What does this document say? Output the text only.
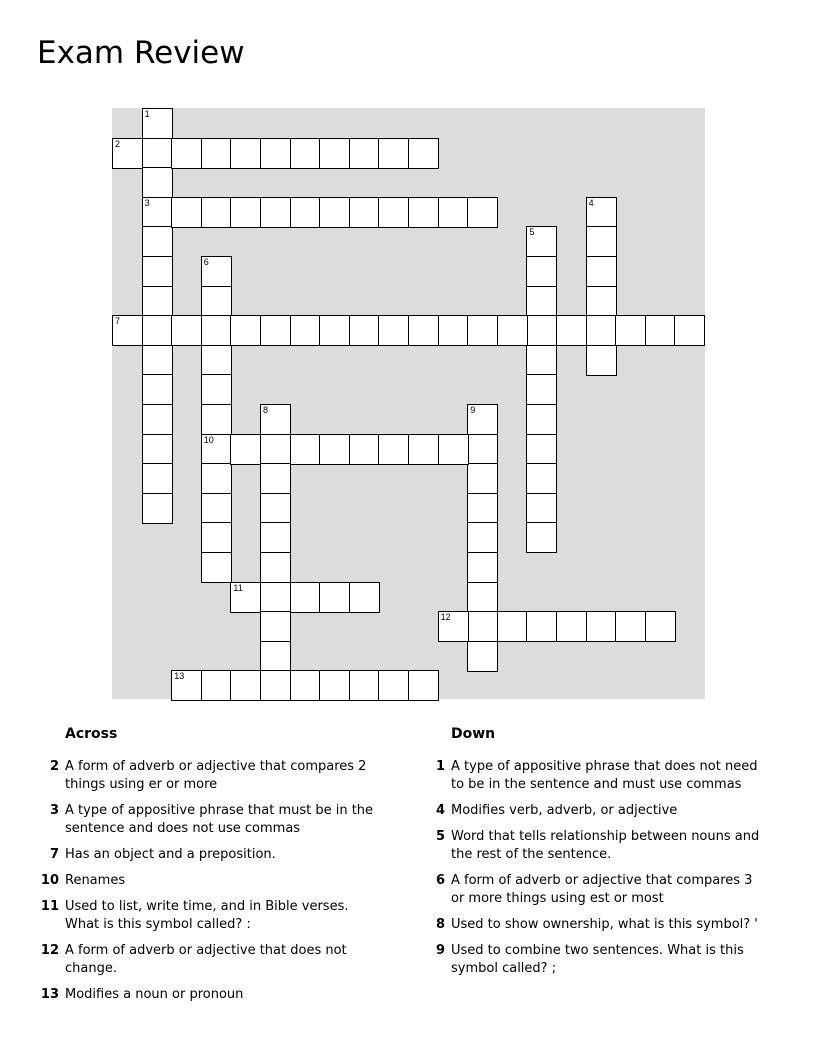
Exam Review
1
3
2
4
5
6
10
7
8	9
11
12
13
Across
2 A form of adverb or adjective that compares 2 things using er or more
3 A type of appositive phrase that must be in the sentence and does not use commas
7 Has an object and a preposition.
10 Renames
11 Used to list, write time, and in Bible verses. What is this symbol called? :
12 A form of adverb or adjective that does not change.
13 Modifies a noun or pronoun
Down
1 A type of appositive phrase that does not need to be in the sentence and must use commas
4 Modifies verb, adverb, or adjective
5 Word that tells relationship between nouns and the rest of the sentence.
6 A form of adverb or adjective that compares 3 or more things using est or most
8 Used to show ownership, what is this symbol? '
9 Used to combine two sentences. What is this symbol called? ;
